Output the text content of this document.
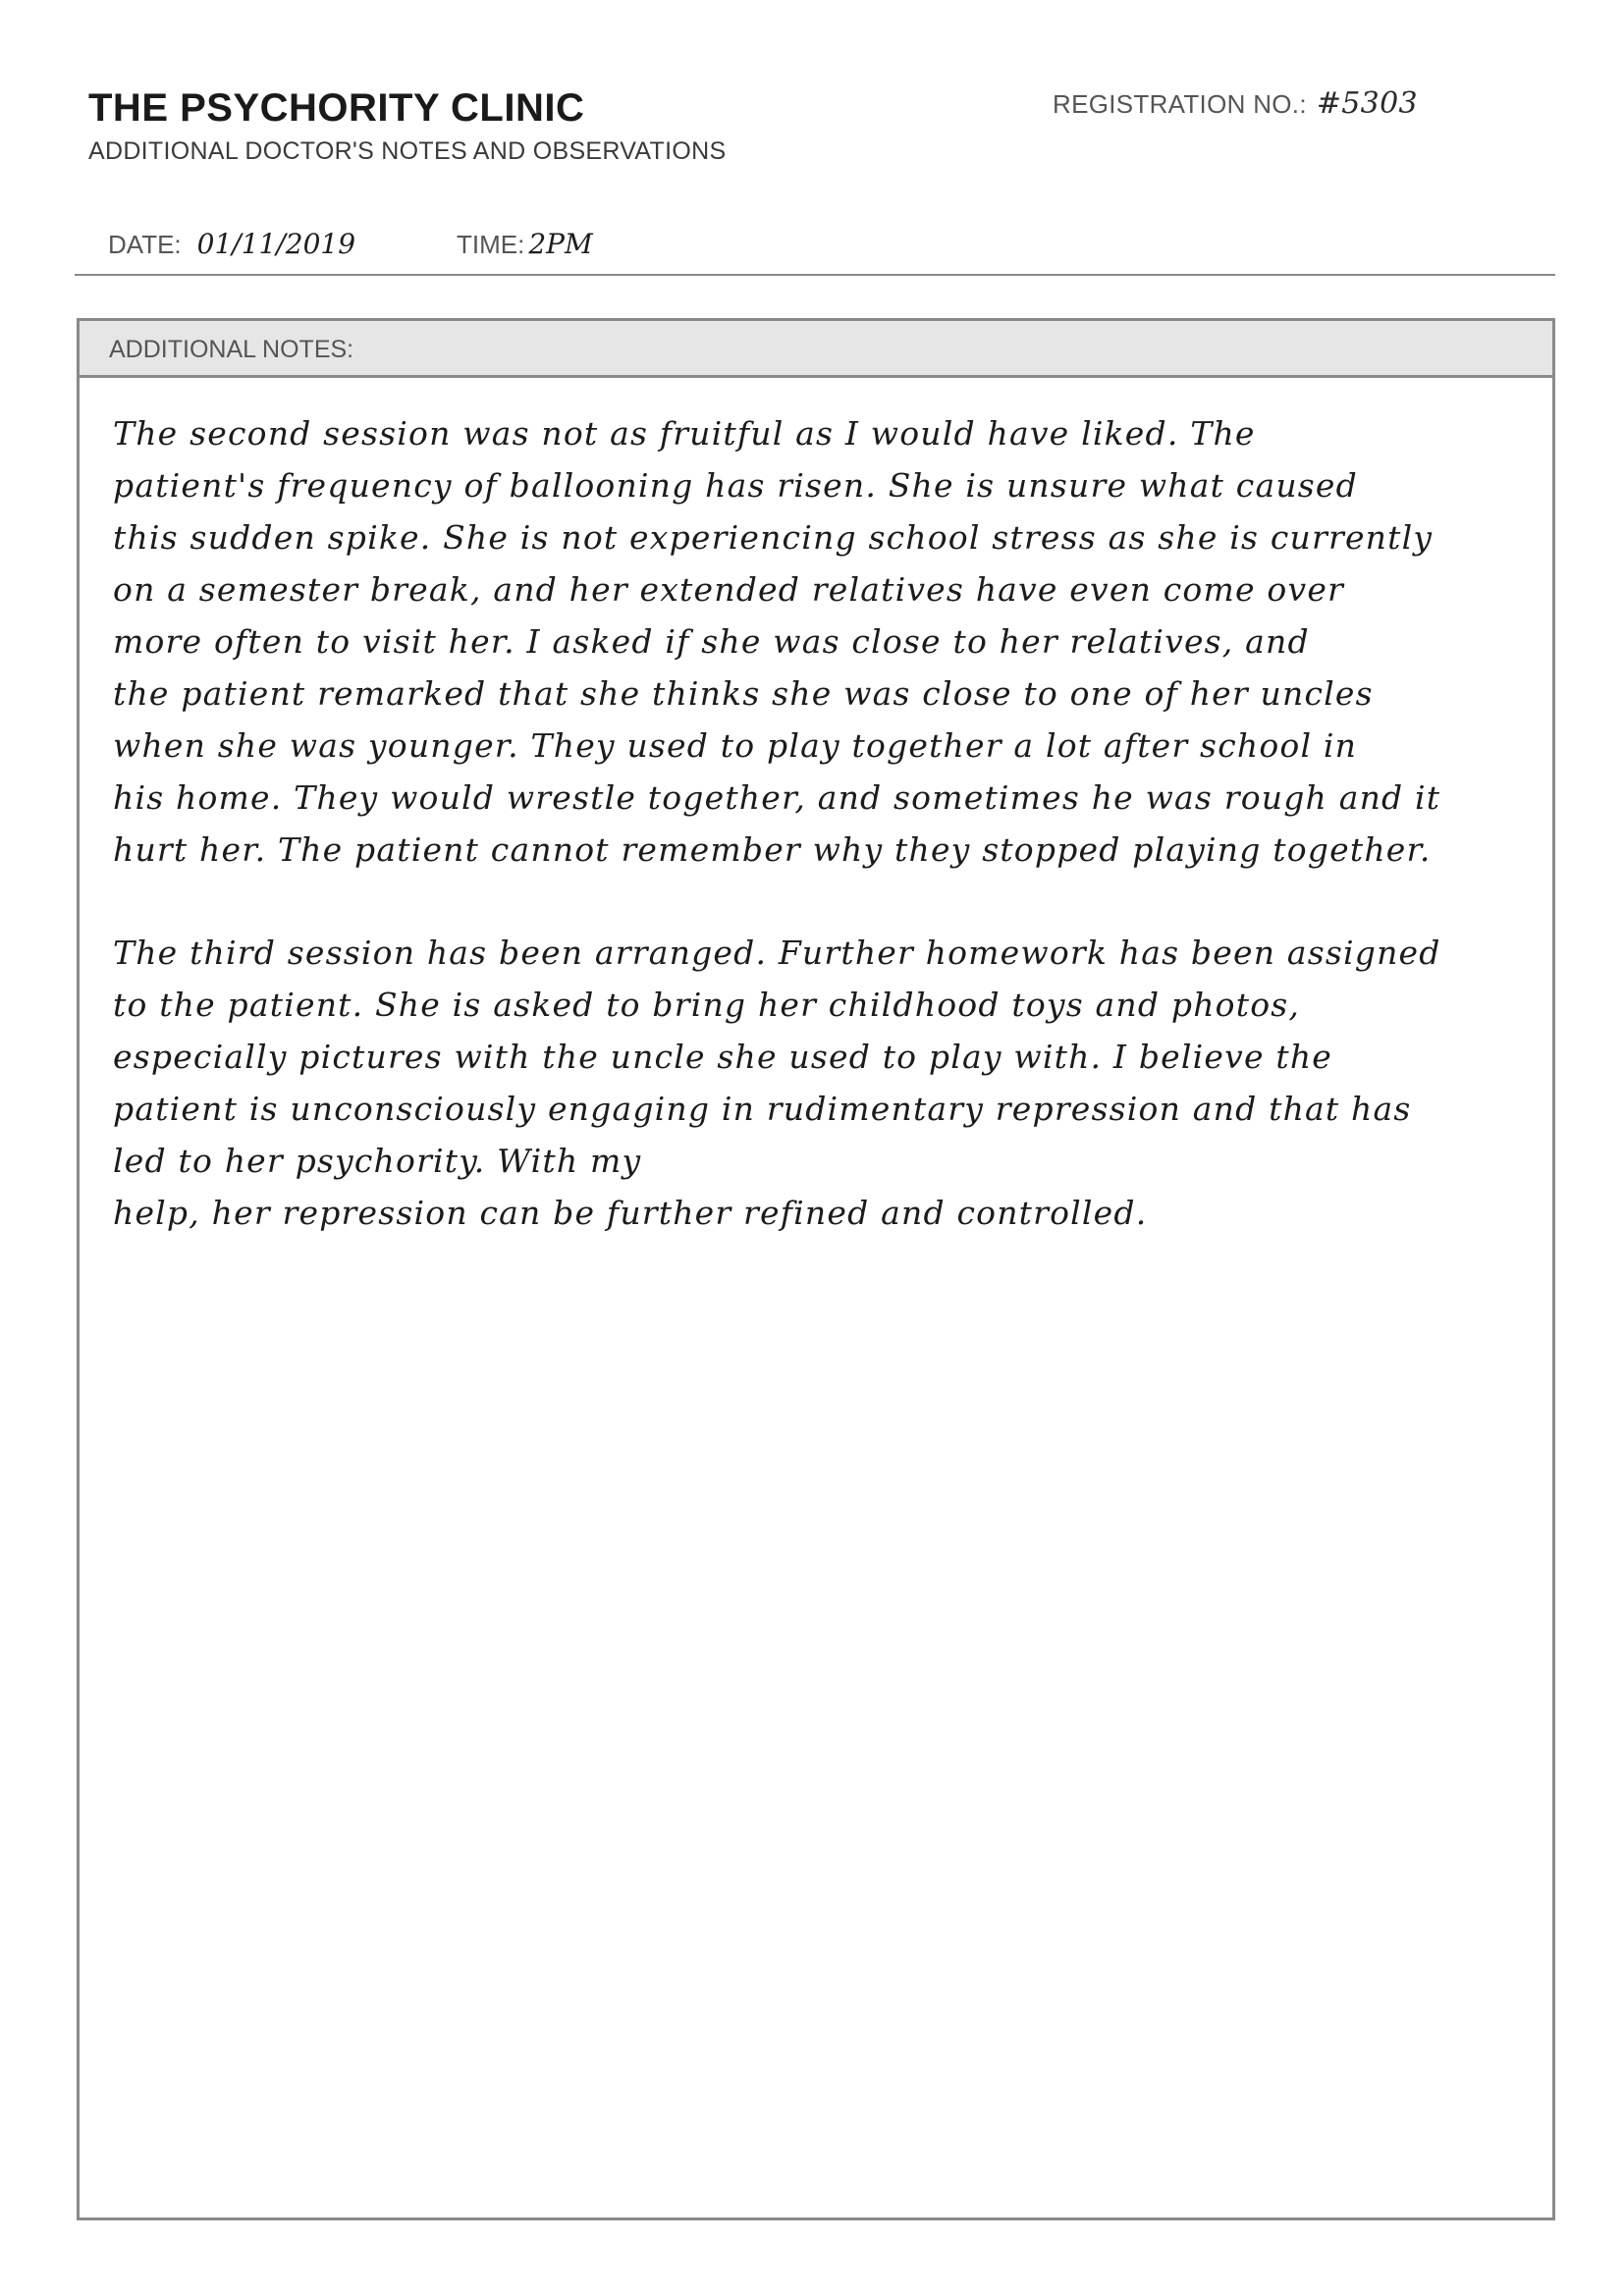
THE PSYCHORITY CLINIC
ADDITIONAL DOCTOR'S NOTES AND OBSERVATIONS
REGISTRATION NO.: #5303
DATE: 01/11/2019	TIME: 2PM
ADDITIONAL NOTES:
The second session was not as fruitful as I would have liked. The
patient's frequency of ballooning has risen. She is unsure what caused
this sudden spike. She is not experiencing school stress as she is currently
on a semester break, and her extended relatives have even come over
more often to visit her. I asked if she was close to her relatives, and
the patient remarked that she thinks she was close to one of her uncles
when she was younger. They used to play together a lot after school in
his home. They would wrestle together, and sometimes he was rough and it
hurt her. The patient cannot remember why they stopped playing together.
The third session has been arranged. Further homework has been assigned
to the patient. She is asked to bring her childhood toys and photos,
especially pictures with the uncle she used to play with. I believe the
patient is unconsciously engaging in rudimentary repression and that has
led to her psychority. With my
help, her repression can be further refined and controlled.
